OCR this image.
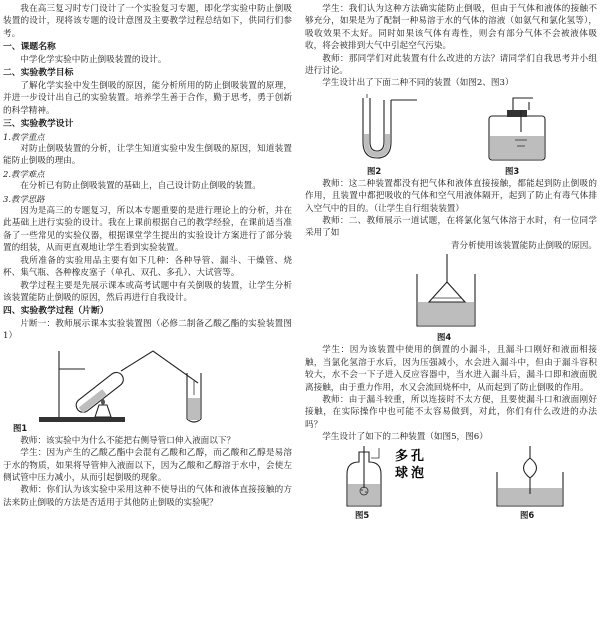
我在高三复习时专门设计了一个实验复习专题，即化学实验中防止倒吸装置的设计，现将该专题的设计意图及主要教学过程总结如下，供同行们参考。

一、课题名称

中学化学实验中防止倒吸装置的设计。

二、实验教学目标

了解化学实验中发生倒吸的原因，能分析所用的防止倒吸装置的原理，并进一步设计出自己的实验装置。培养学生善于合作，勤于思考，勇于创新的科学精神。

三、实验教学设计

1.教学重点

对防止倒吸装置的分析，让学生知道实验中发生倒吸的原因，知道装置能防止倒吸的理由。

2.教学难点

在分析已有防止倒吸装置的基础上，自己设计防止倒吸的装置。

3.教学思路

因为是高三的专题复习，所以本专题重要的是进行理论上的分析，并在此基础上进行实验的设计。我在上课前根据自己的教学经验，在课前适当准备了一些常见的实验仪器，根据课堂学生提出的实验设计方案进行了部分装置的组装，从而更直观地让学生看到实验装置。

我所准备的实验用品主要有如下几种：各种导管、漏斗、干燥管、烧杯、集气瓶、各种橡皮塞子（单孔、双孔、多孔）、大试管等。

教学过程主要是先展示课本或高考试题中有关倒吸的装置，让学生分析该装置能防止倒吸的原因，然后再进行自我设计。

四、实验教学过程（片断）

片断一：教师展示课本实验装置图（必修二制备乙酸乙酯的实验装置图1）

图1

教师：该实验中为什么不能把右侧导管口伸入液面以下？

学生：因为产生的乙酸乙酯中会混有乙酸和乙醇，而乙酸和乙醇是易溶于水的物质，如果将导管伸入液面以下，因为乙酸和乙醇溶于水中，会使左侧试管中压力减小，从而引起倒吸的现象。

教师：你们认为该实验中采用这种不使导出的气体和液体直接接触的方法来防止倒吸的方法是否适用于其他防止倒吸的实验呢？

学生：我们认为这种方法确实能防止倒吸，但由于气体和液体的接触不够充分，如果是为了配制一种易溶于水的气体的溶液（如氨气和氯化氢等），吸收效果不太好。同时如果该气体有毒性，则会有部分气体不会被液体吸收，将会被排到大气中引起空气污染。

教师：那同学们对此装置有什么改进的方法？请同学们自我思考并小组进行讨论。

学生设计出了下面二种不同的装置（如图2、图3）

图2	图3

教师：这二种装置都没有把气体和液体直接接触，都能起到防止倒吸的作用，且装置中都把吸收的气体和空气用液体隔开，起到了防止有毒气体排入空气中的目的。（让学生自行组装装置）

教师：二、教师展示一道试题，在将氯化氢气体溶于水时，有一位同学采用了如

青分析使用该装置能防止倒吸的原因。

图4

学生：因为该装置中使用的倒置的小漏斗，且漏斗口刚好和液面相接触，当氯化氢溶于水后，因为压强减小，水会进入漏斗中，但由于漏斗容积较大，水不会一下子进入反应容器中，当水进入漏斗后，漏斗口即和液面脱离接触，由于重力作用，水又会流回烧杯中，从而起到了防止倒吸的作用。

教师：由于漏斗较重，所以连接时不太方便，且要使漏斗口和液面刚好接触，在实际操作中也可能不太容易做到，对此，你们有什么改进的办法吗？

学生设计了如下的二种装置（如图5，图6）

多 孔
球 泡
图5	图6
